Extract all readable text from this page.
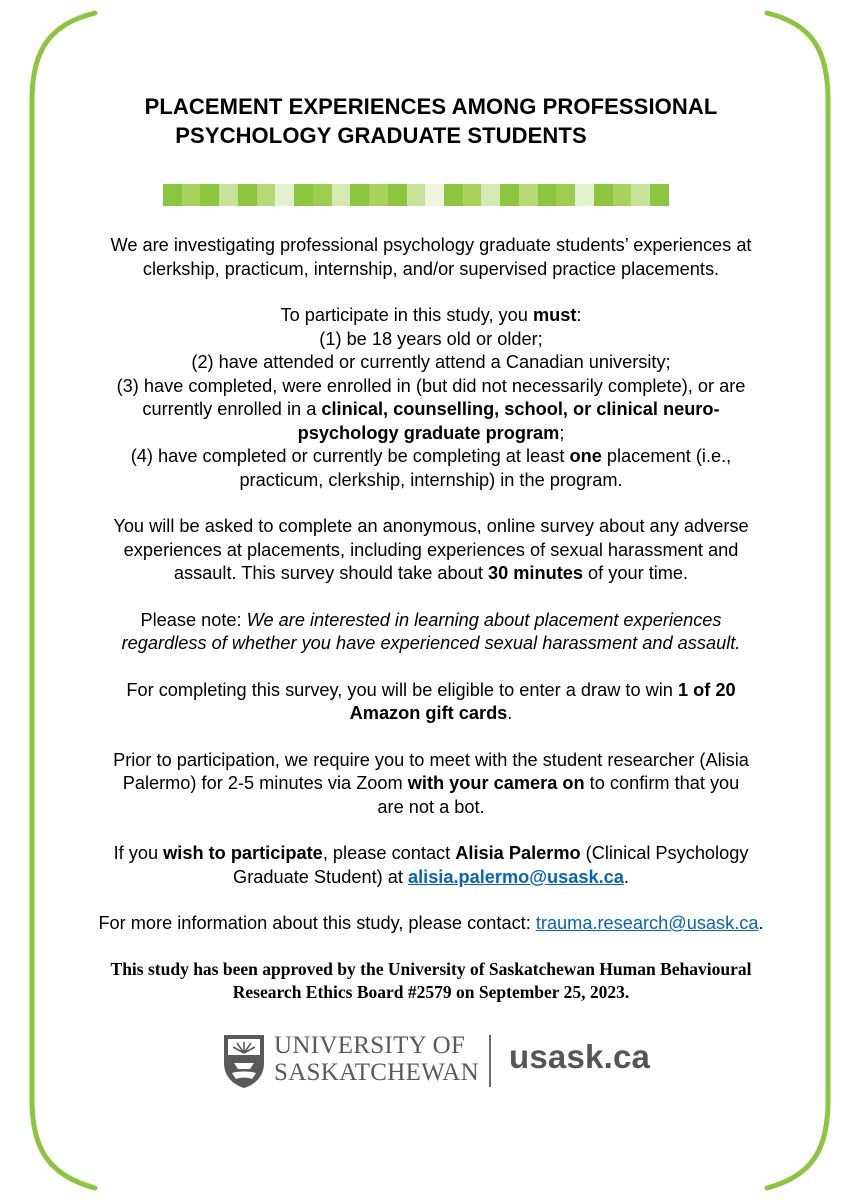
PLACEMENT EXPERIENCES AMONG PROFESSIONAL
PSYCHOLOGY GRADUATE STUDENTS

We are investigating professional psychology graduate students’ experiences at
clerkship, practicum, internship, and/or supervised practice placements.

To participate in this study, you must:
(1) be 18 years old or older;
(2) have attended or currently attend a Canadian university;
(3) have completed, were enrolled in (but did not necessarily complete), or are
currently enrolled in a clinical, counselling, school, or clinical neuro-
psychology graduate program;
(4) have completed or currently be completing at least one placement (i.e.,
practicum, clerkship, internship) in the program.

You will be asked to complete an anonymous, online survey about any adverse
experiences at placements, including experiences of sexual harassment and
assault. This survey should take about 30 minutes of your time.

Please note: We are interested in learning about placement experiences
regardless of whether you have experienced sexual harassment and assault.

For completing this survey, you will be eligible to enter a draw to win 1 of 20
Amazon gift cards.

Prior to participation, we require you to meet with the student researcher (Alisia
Palermo) for 2-5 minutes via Zoom with your camera on to confirm that you
are not a bot.

If you wish to participate, please contact Alisia Palermo (Clinical Psychology
Graduate Student) at alisia.palermo@usask.ca.

For more information about this study, please contact: trauma.research@usask.ca.

This study has been approved by the University of Saskatchewan Human Behavioural
Research Ethics Board #2579 on September 25, 2023.

UNIVERSITY OF
SASKATCHEWAN usask.ca
